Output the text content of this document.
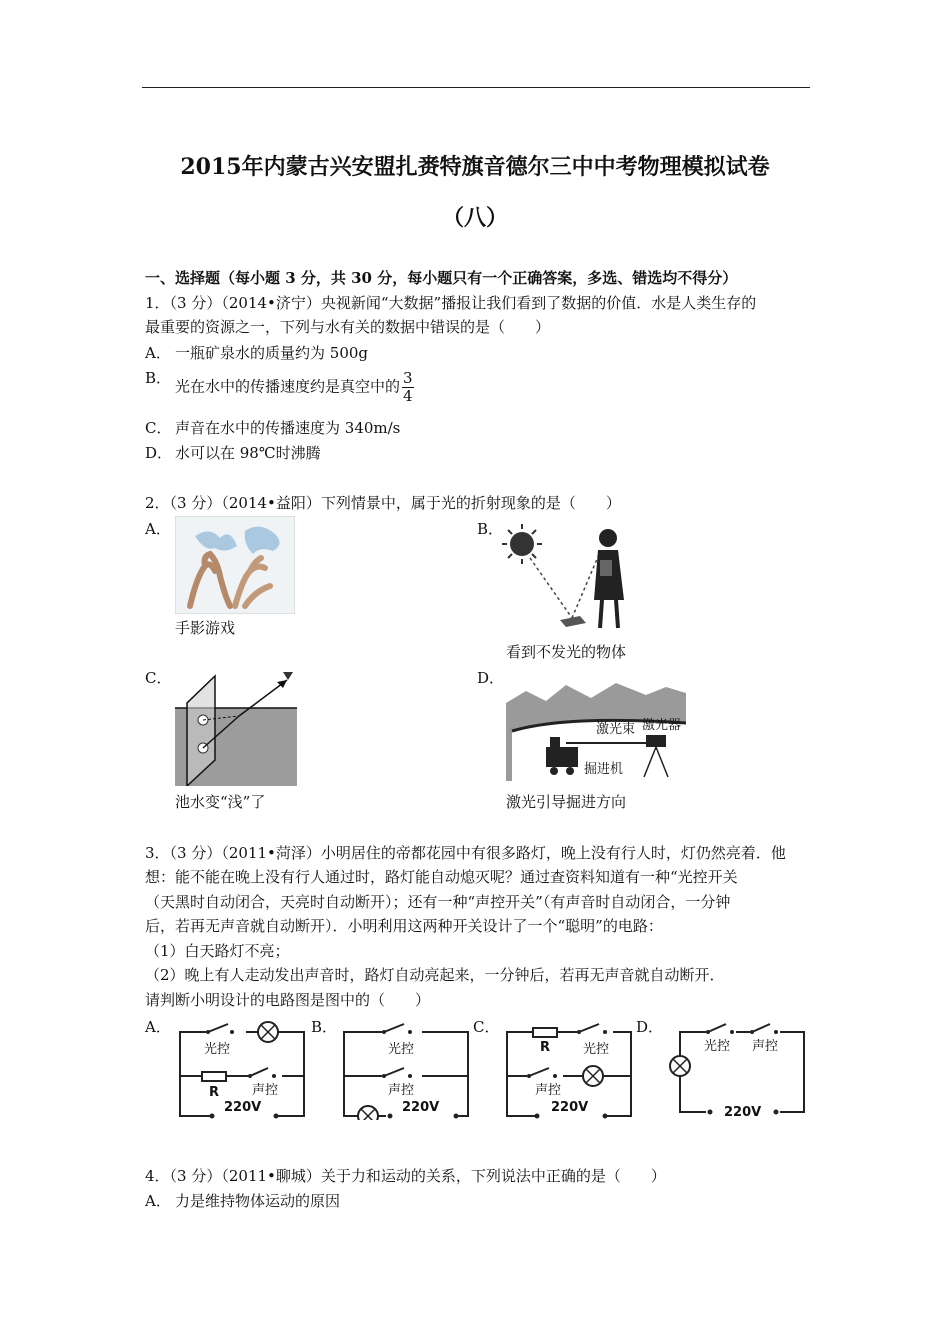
2015年内蒙古兴安盟扎赉特旗音德尔三中中考物理模拟试卷
（八）
一、选择题（每小题 3 分，共 30 分，每小题只有一个正确答案，多选、错选均不得分）
1．（3 分）（2014•济宁）央视新闻“大数据”播报让我们看到了数据的价值．水是人类生存的
最重要的资源之一，下列与水有关的数据中错误的是（　　）
A． 一瓶矿泉水的质量约为 500g
B． 光在水中的传播速度约是真空中的 $\frac{3}{4}$
C． 声音在水中的传播速度为 340m/s
D． 水可以在 98℃时沸腾
2．（3 分）（2014•益阳）下列情景中，属于光的折射现象的是（　　）
A．	B．
手影游戏
看到不发光的物体
C．	D．
池水变“浅”了
激光束 激光器
掘进机
激光引导掘进方向
3．（3 分）（2011•菏泽）小明居住的帝都花园中有很多路灯，晚上没有行人时，灯仍然亮着．他
想：能不能在晚上没有行人通过时，路灯能自动熄灭呢？通过查资料知道有一种“光控开关
（天黑时自动闭合，天亮时自动断开）；还有一种“声控开关”（有声音时自动闭合，一分钟
后，若再无声音就自动断开）．小明利用这两种开关设计了一个“聪明”的电路：
（1）白天路灯不亮；
（2）晚上有人走动发出声音时，路灯自动亮起来，一分钟后，若再无声音就自动断开．
请判断小明设计的电路图是图中的（　　）
A．	B．	C．	D．
光控
R	声控
220V
光控
声控
220V
R	光控
声控
220V
光控 声控
220V
4．（3 分）（2011•聊城）关于力和运动的关系，下列说法中正确的是（　　）
A． 力是维持物体运动的原因
